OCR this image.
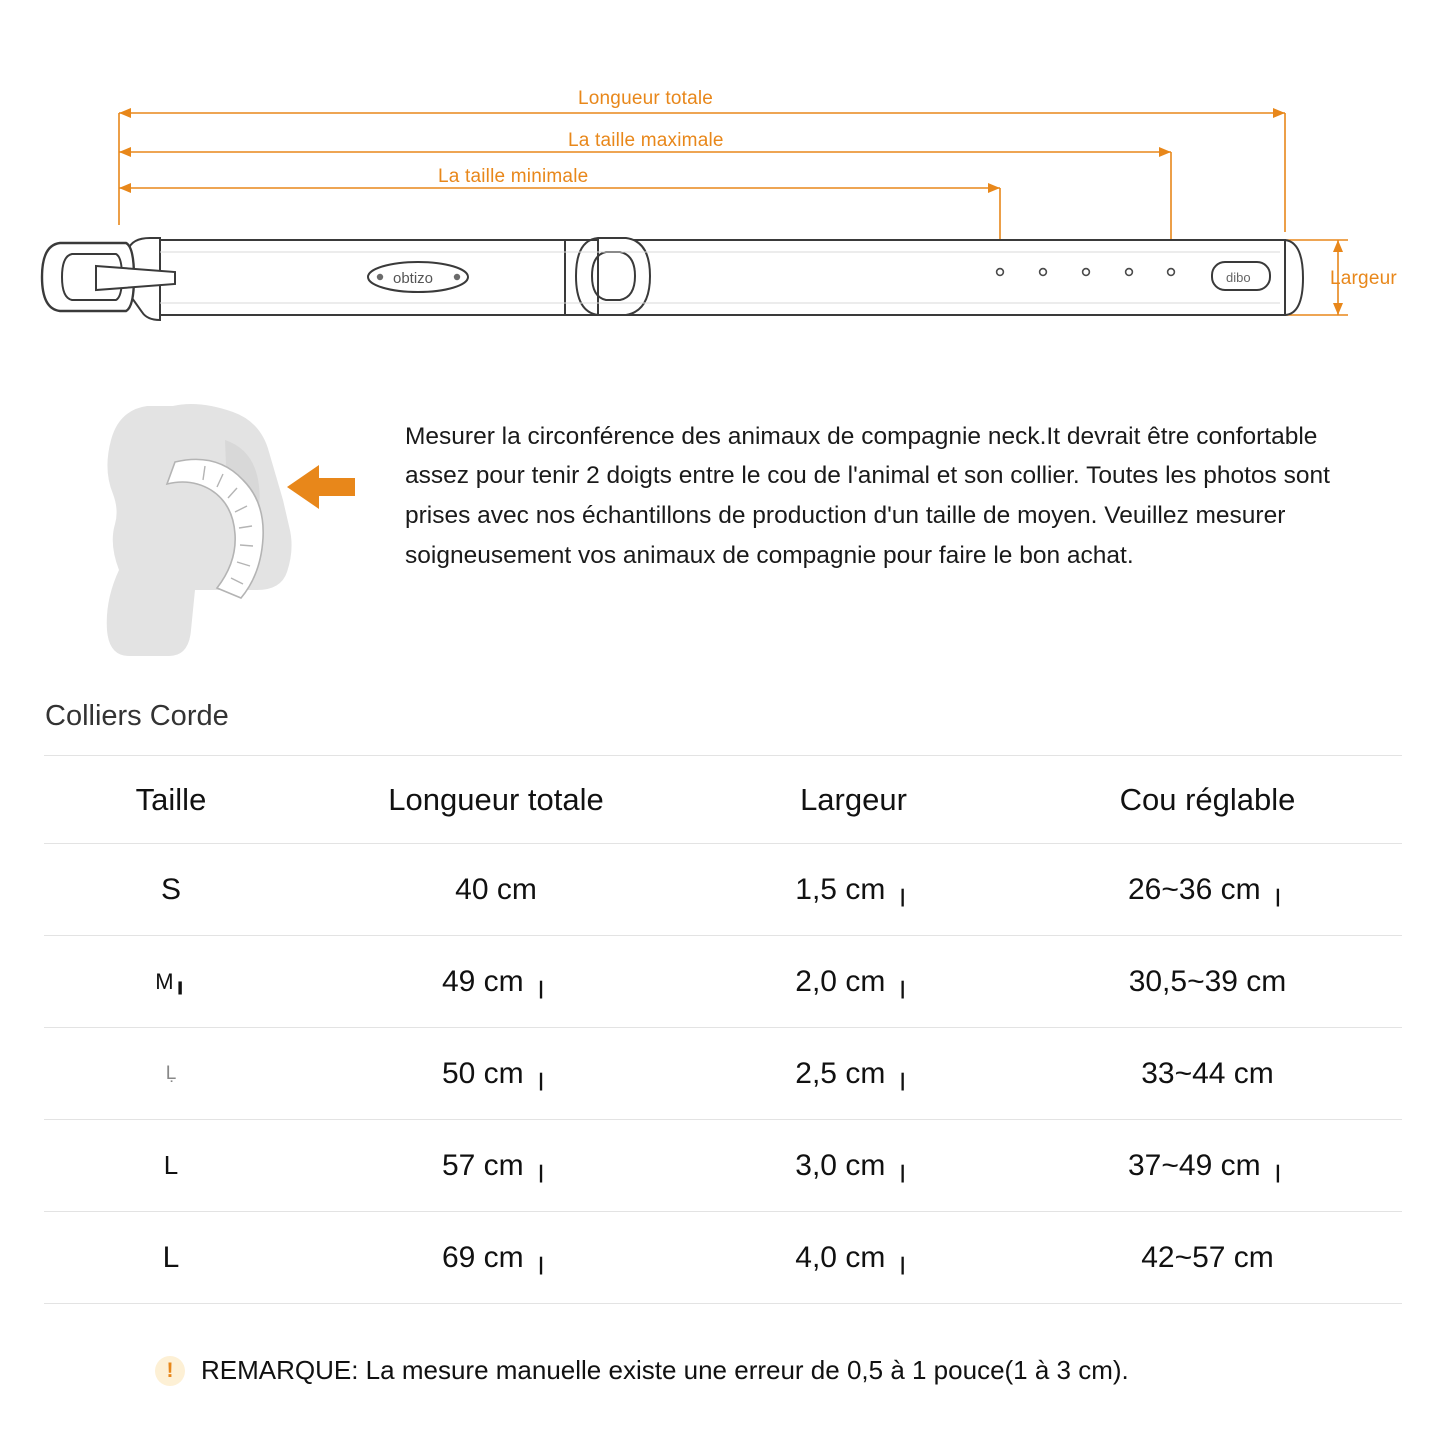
obtizo	dibo
Longueur totale
La taille maximale
La taille minimale
Largeur

Mesurer la circonférence des animaux de compagnie neck.It devrait être confortable assez pour tenir 2 doigts entre le cou de l'animal et son collier. Toutes les photos sont prises avec nos échantillons de production d'un taille de moyen. Veuillez mesurer soigneusement vos animaux de compagnie pour faire le bon achat.

Colliers Corde
Taille	Longueur totale	Largeur	Cou réglable
S	40 cm	1,5 cm ╷	26~36 cm ╷
M╻	49 cm ╷	2,0 cm ╷	30,5~39 cm
Ḷ	50 cm ╷	2,5 cm ╷	33~44 cm
L	57 cm ╷	3,0 cm ╷	37~49 cm ╷
L	69 cm ╷	4,0 cm ╷	42~57 cm
!	REMARQUE: La mesure manuelle existe une erreur de 0,5 à 1 pouce(1 à 3 cm).
